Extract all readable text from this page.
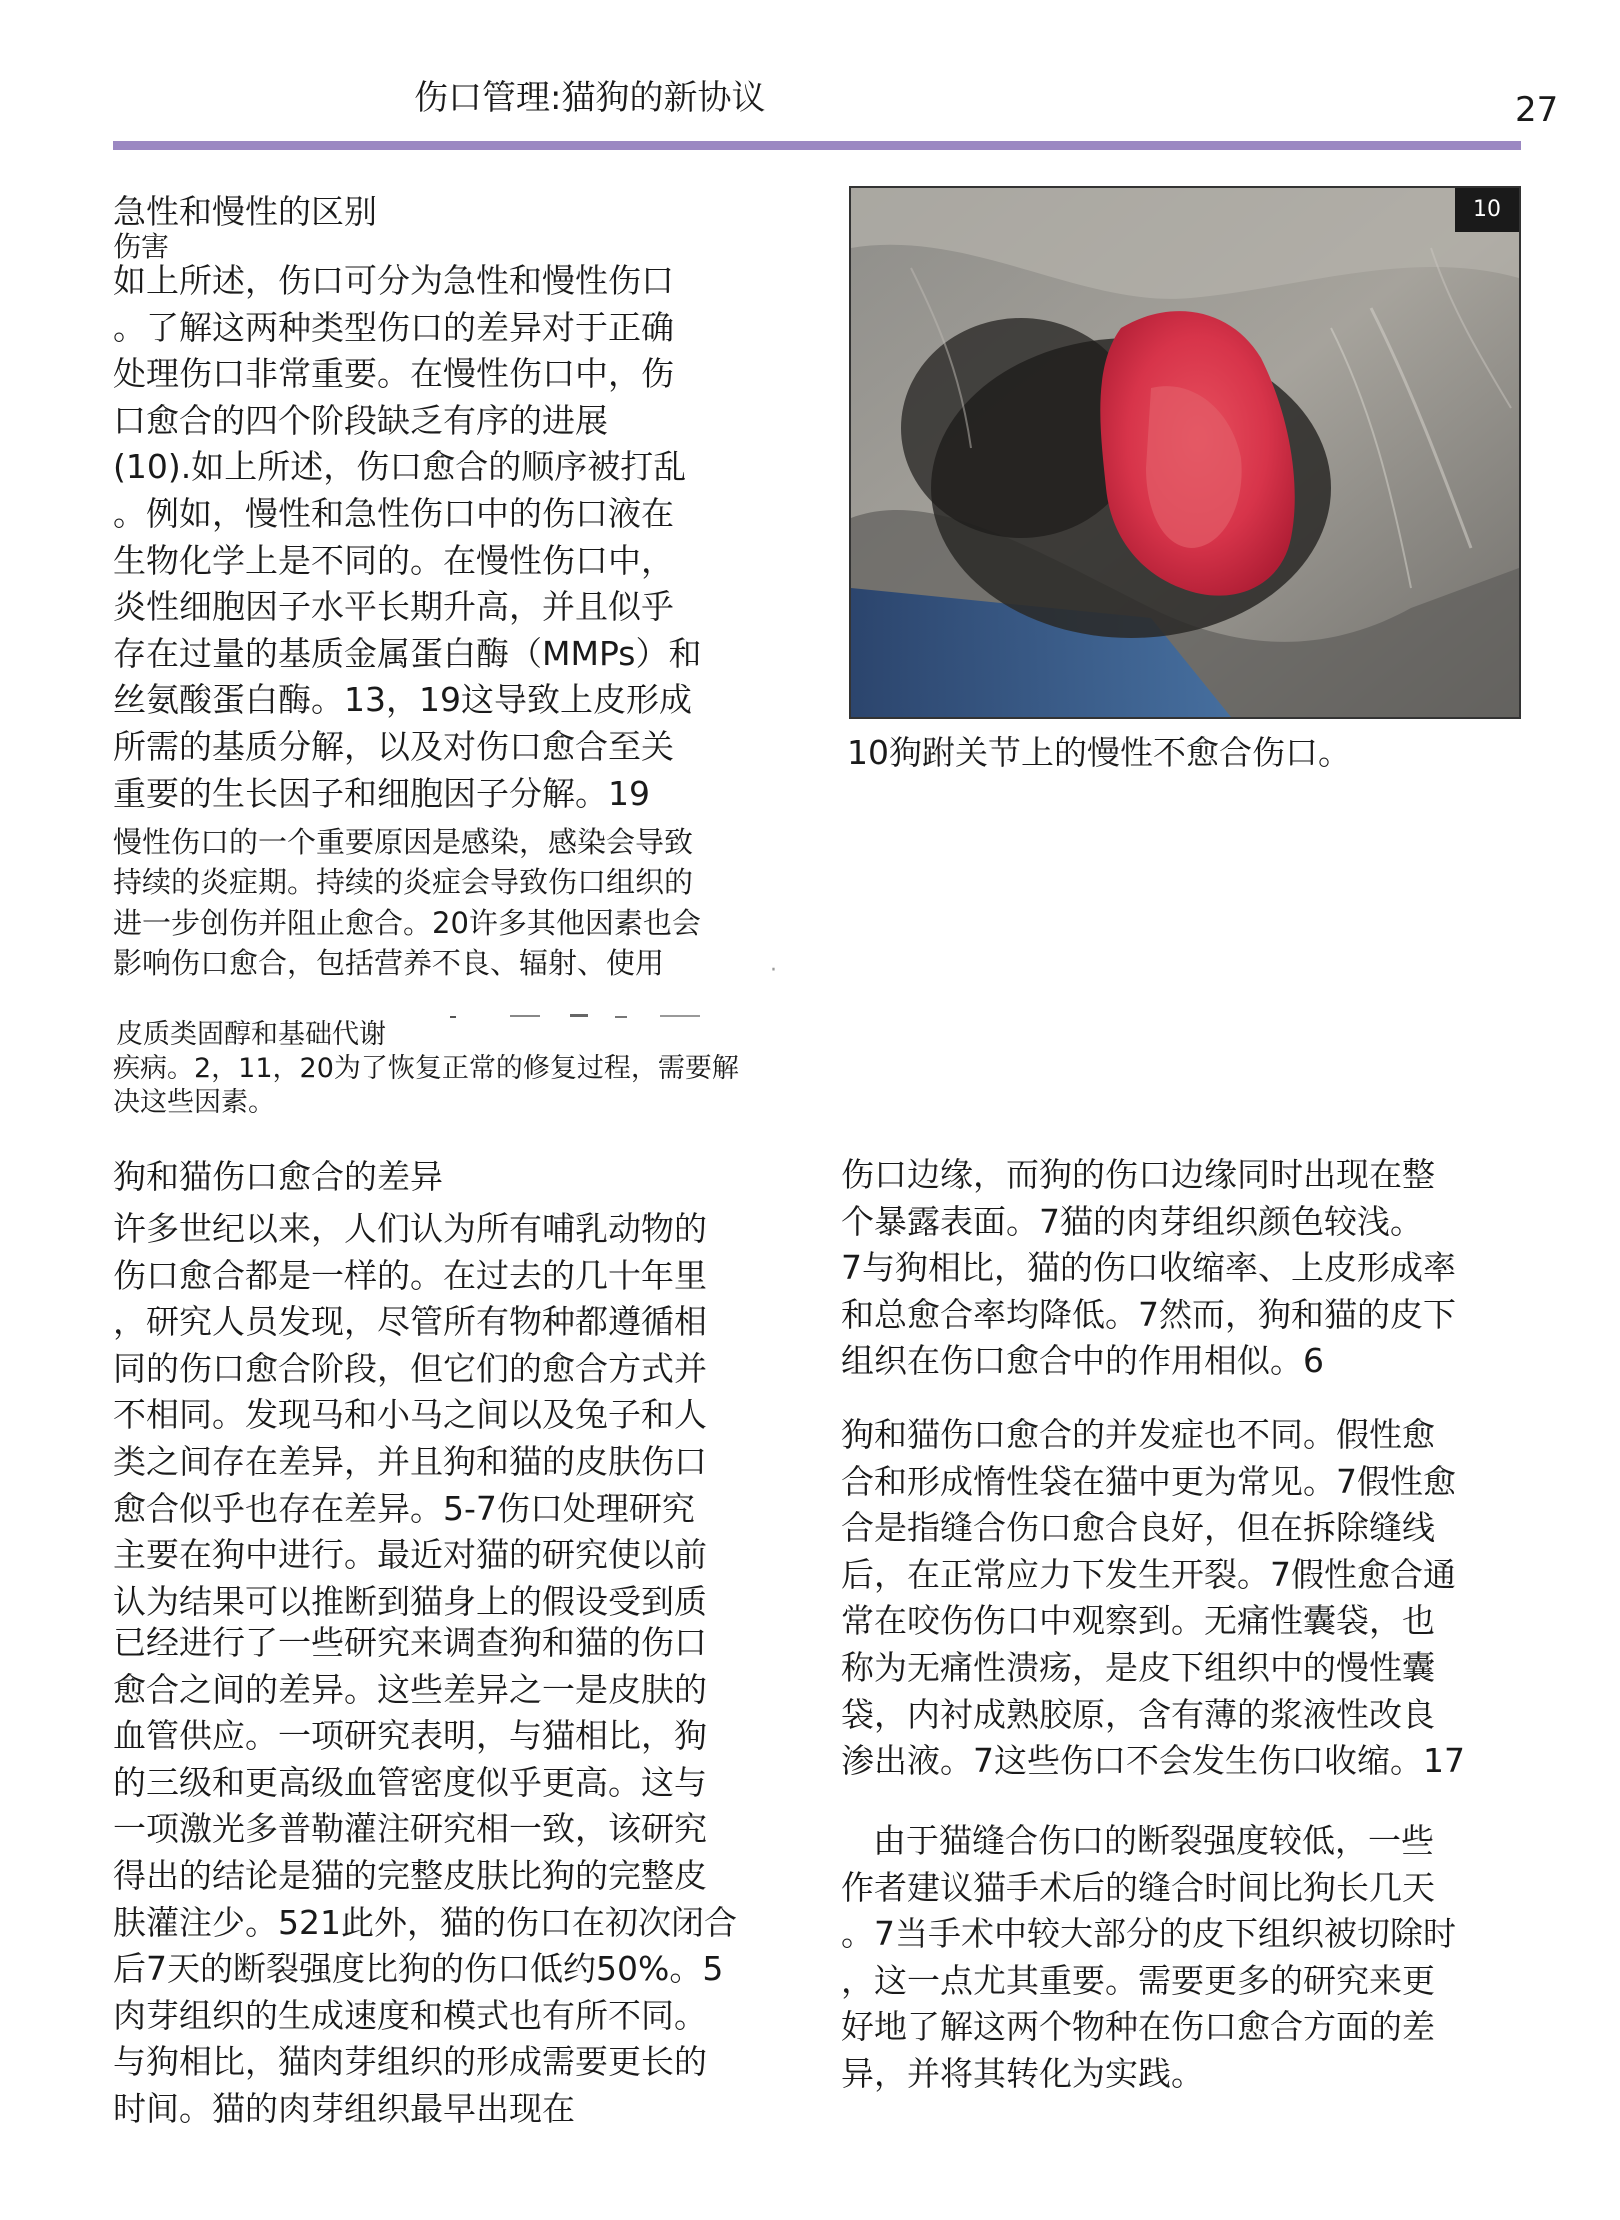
伤口管理:猫狗的新协议	27
急性和慢性的区别
伤害
如上所述，伤口可分为急性和慢性伤口
。了解这两种类型伤口的差异对于正确
处理伤口非常重要。在慢性伤口中，伤
口愈合的四个阶段缺乏有序的进展
(10).如上所述，伤口愈合的顺序被打乱
。例如，慢性和急性伤口中的伤口液在
生物化学上是不同的。在慢性伤口中，
炎性细胞因子水平长期升高，并且似乎
存在过量的基质金属蛋白酶（MMPs）和
丝氨酸蛋白酶。13，19这导致上皮形成
所需的基质分解，以及对伤口愈合至关
重要的生长因子和细胞因子分解。19
慢性伤口的一个重要原因是感染，感染会导致
持续的炎症期。持续的炎症会导致伤口组织的
进一步创伤并阻止愈合。20许多其他因素也会
影响伤口愈合，包括营养不良、辐射、使用	·
皮质类固醇和基础代谢
疾病。2，11，20为了恢复正常的修复过程，需要解
决这些因素。
10
10狗跗关节上的慢性不愈合伤口。
狗和猫伤口愈合的差异
许多世纪以来，人们认为所有哺乳动物的
伤口愈合都是一样的。在过去的几十年里
，研究人员发现，尽管所有物种都遵循相
同的伤口愈合阶段，但它们的愈合方式并
不相同。发现马和小马之间以及兔子和人
类之间存在差异，并且狗和猫的皮肤伤口
愈合似乎也存在差异。5-7伤口处理研究
主要在狗中进行。最近对猫的研究使以前
认为结果可以推断到猫身上的假设受到质
已经进行了一些研究来调查狗和猫的伤口
愈合之间的差异。这些差异之一是皮肤的
血管供应。一项研究表明，与猫相比，狗
的三级和更高级血管密度似乎更高。这与
一项激光多普勒灌注研究相一致，该研究
得出的结论是猫的完整皮肤比狗的完整皮
肤灌注少。521此外，猫的伤口在初次闭合
后7天的断裂强度比狗的伤口低约50%。5
肉芽组织的生成速度和模式也有所不同。
与狗相比，猫肉芽组织的形成需要更长的
时间。猫的肉芽组织最早出现在
伤口边缘，而狗的伤口边缘同时出现在整
个暴露表面。7猫的肉芽组织颜色较浅。
7与狗相比，猫的伤口收缩率、上皮形成率
和总愈合率均降低。7然而，狗和猫的皮下
组织在伤口愈合中的作用相似。6
狗和猫伤口愈合的并发症也不同。假性愈
合和形成惰性袋在猫中更为常见。7假性愈
合是指缝合伤口愈合良好，但在拆除缝线
后，在正常应力下发生开裂。7假性愈合通
常在咬伤伤口中观察到。无痛性囊袋，也
称为无痛性溃疡，是皮下组织中的慢性囊
袋，内衬成熟胶原，含有薄的浆液性改良
渗出液。7这些伤口不会发生伤口收缩。17
由于猫缝合伤口的断裂强度较低，一些
作者建议猫手术后的缝合时间比狗长几天
。7当手术中较大部分的皮下组织被切除时
，这一点尤其重要。需要更多的研究来更
好地了解这两个物种在伤口愈合方面的差
异，并将其转化为实践。
